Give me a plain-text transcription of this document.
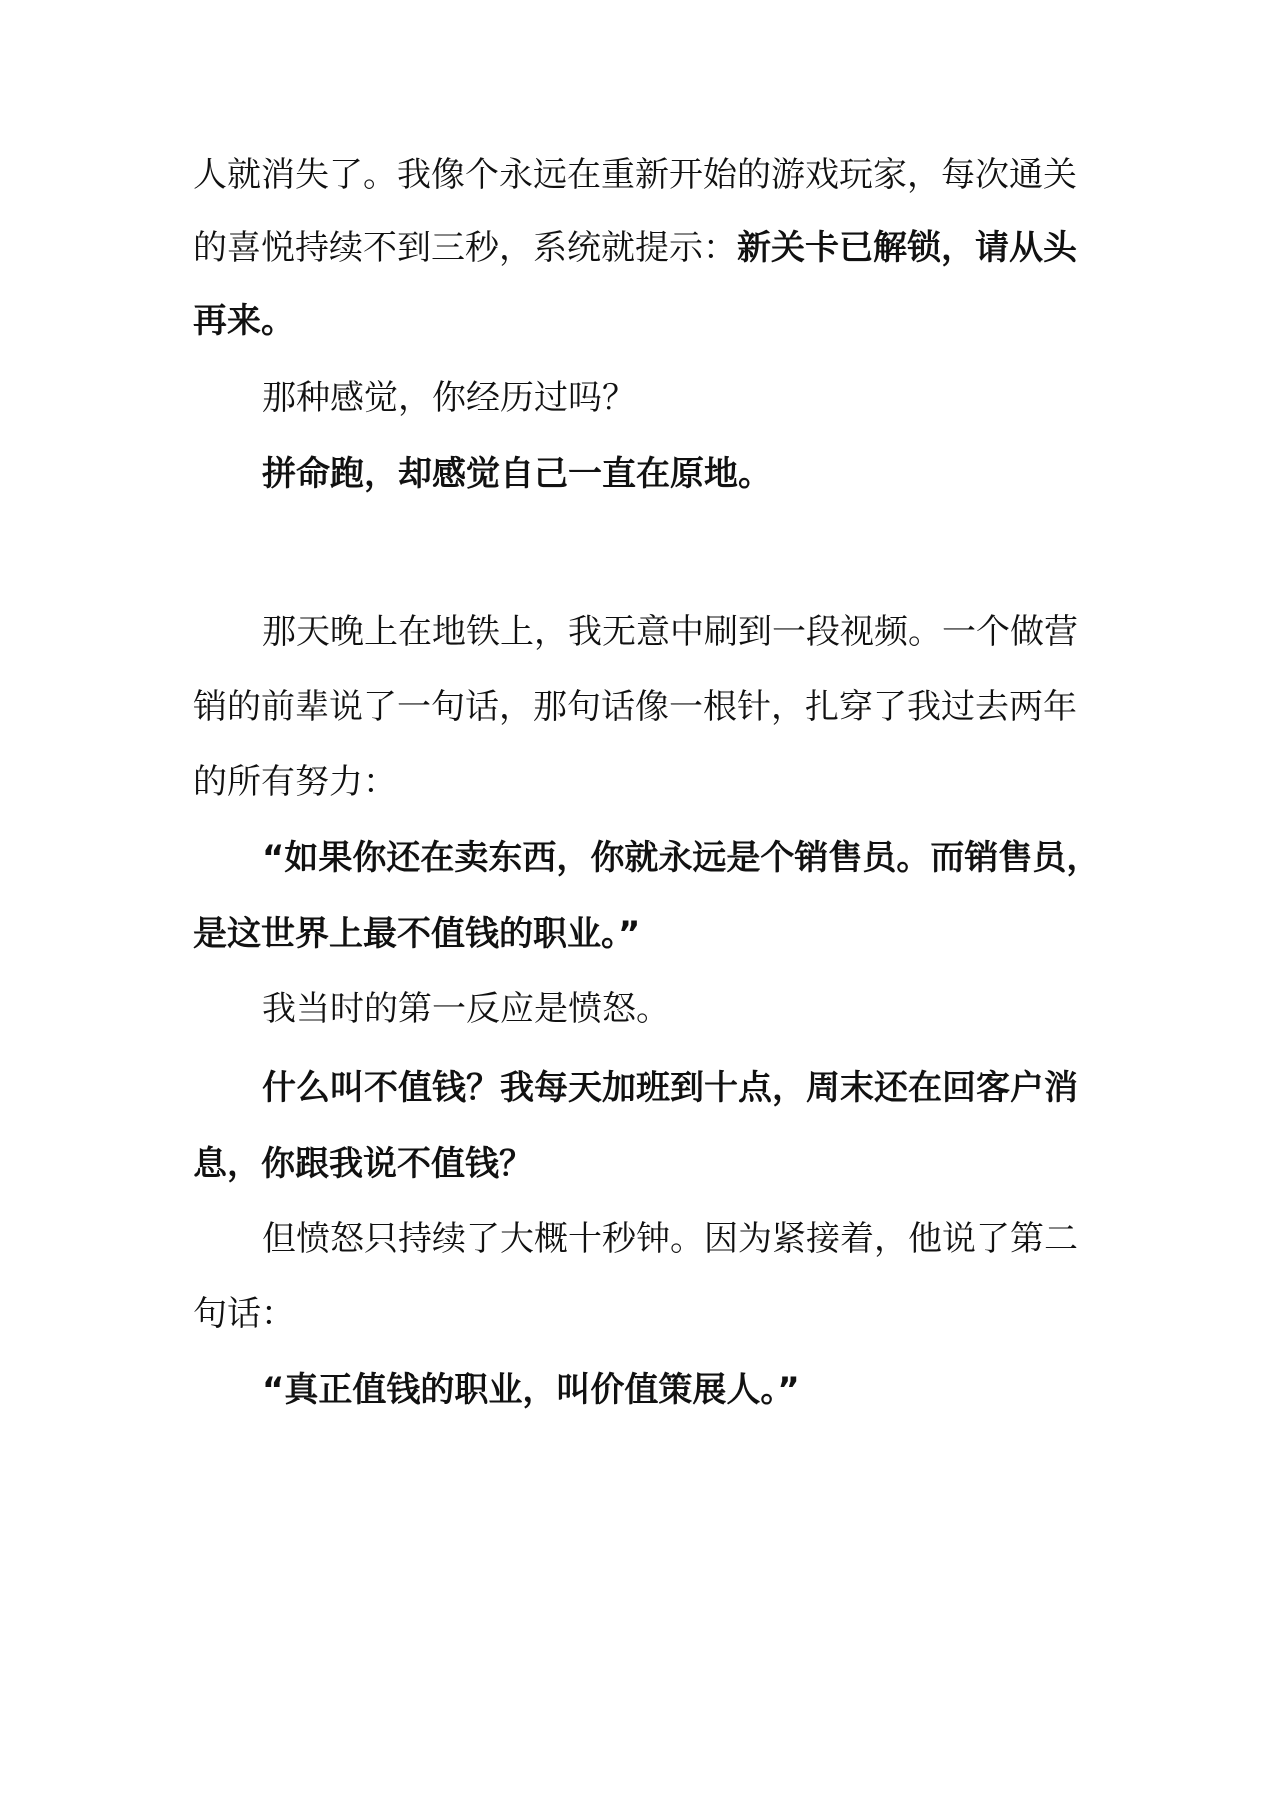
人就消失了。我像个永远在重新开始的游戏玩家，每次通关
的喜悦持续不到三秒，系统就提示：新关卡已解锁，请从头
再来。
那种感觉，你经历过吗？
拼命跑，却感觉自己一直在原地。
那天晚上在地铁上，我无意中刷到一段视频。一个做营
销的前辈说了一句话，那句话像一根针，扎穿了我过去两年
的所有努力：
“如果你还在卖东西，你就永远是个销售员。而销售员，
是这世界上最不值钱的职业。”
我当时的第一反应是愤怒。
什么叫不值钱？我每天加班到十点，周末还在回客户消
息，你跟我说不值钱？
但愤怒只持续了大概十秒钟。因为紧接着，他说了第二
句话：
“真正值钱的职业，叫价值策展人。”
